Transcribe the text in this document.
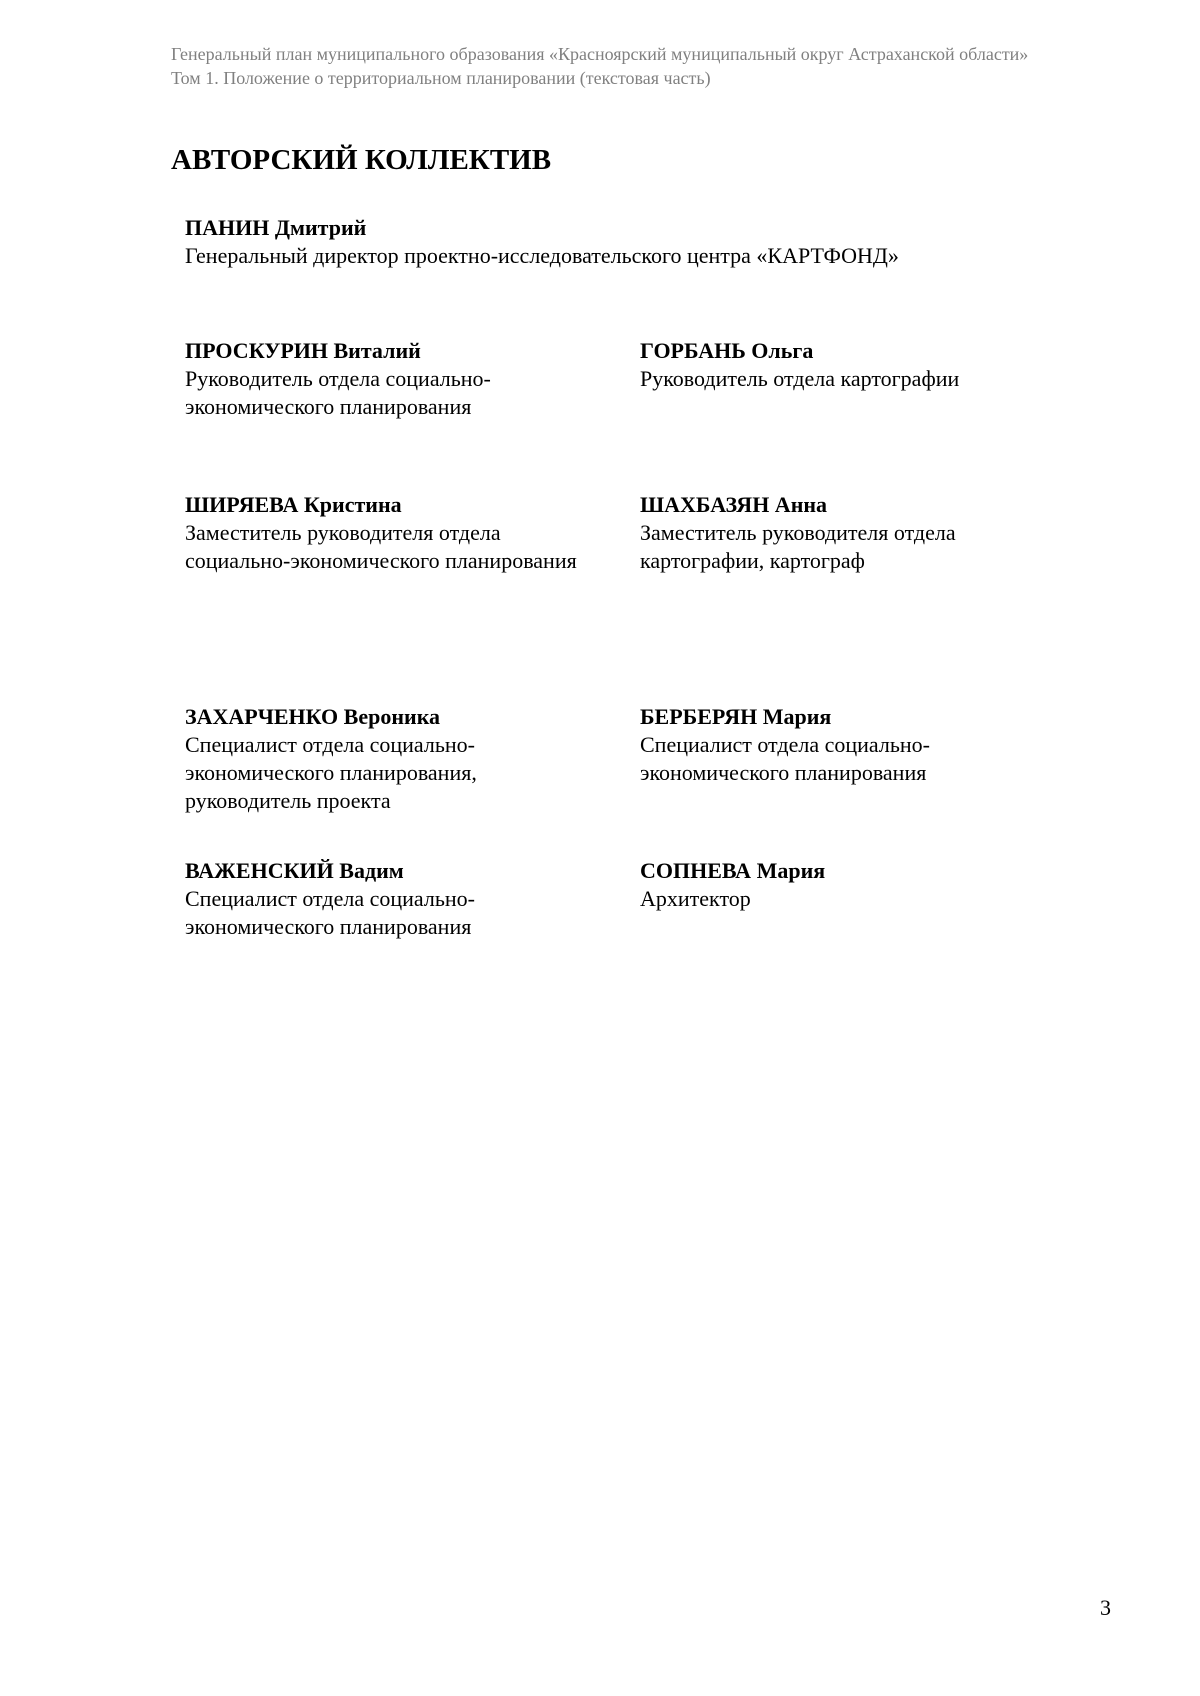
Генеральный план муниципального образования «Красноярский муниципальный округ Астраханской области»
Том 1. Положение о территориальном планировании (текстовая часть)
АВТОРСКИЙ КОЛЛЕКТИВ
ПАНИН Дмитрий
Генеральный директор проектно-исследовательского центра «КАРТФОНД»
ПРОСКУРИН Виталий
Руководитель отдела социально-экономического планирования
ГОРБАНЬ Ольга
Руководитель отдела картографии
ШИРЯЕВА Кристина
Заместитель руководителя отдела социально-экономического планирования
ШАХБАЗЯН Анна
Заместитель руководителя отдела картографии, картограф
ЗАХАРЧЕНКО Вероника
Специалист отдела социально-экономического планирования, руководитель проекта
БЕРБЕРЯН Мария
Специалист отдела социально-экономического планирования
ВАЖЕНСКИЙ Вадим
Специалист отдела социально-экономического планирования
СОПНЕВА Мария
Архитектор
3
